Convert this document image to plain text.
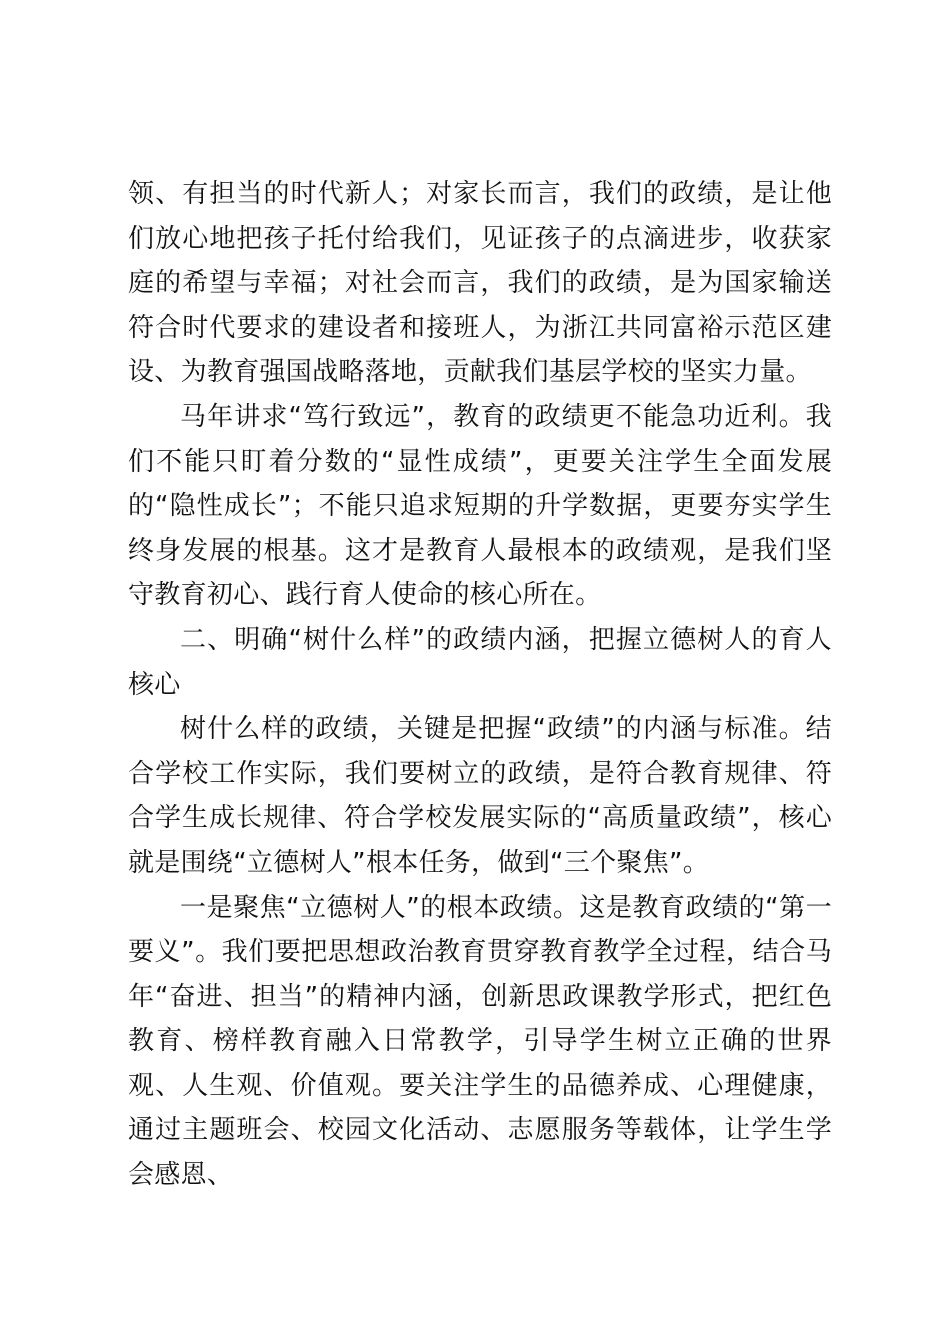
领、有担当的时代新人；对家长而言，我们的政绩，是让他们放心地把孩子托付给我们，见证孩子的点滴进步，收获家庭的希望与幸福；对社会而言，我们的政绩，是为国家输送符合时代要求的建设者和接班人，为浙江共同富裕示范区建设、为教育强国战略落地，贡献我们基层学校的坚实力量。

马年讲求“笃行致远”，教育的政绩更不能急功近利。我们不能只盯着分数的“显性成绩”，更要关注学生全面发展的“隐性成长”；不能只追求短期的升学数据，更要夯实学生终身发展的根基。这才是教育人最根本的政绩观，是我们坚守教育初心、践行育人使命的核心所在。

二、明确“树什么样”的政绩内涵，把握立德树人的育人核心

树什么样的政绩，关键是把握“政绩”的内涵与标准。结合学校工作实际，我们要树立的政绩，是符合教育规律、符合学生成长规律、符合学校发展实际的“高质量政绩”，核心就是围绕“立德树人”根本任务，做到“三个聚焦”。

一是聚焦“立德树人”的根本政绩。这是教育政绩的“第一要义”。我们要把思想政治教育贯穿教育教学全过程，结合马年“奋进、担当”的精神内涵，创新思政课教学形式，把红色教育、榜样教育融入日常教学，引导学生树立正确的世界观、人生观、价值观。要关注学生的品德养成、心理健康，通过主题班会、校园文化活动、志愿服务等载体，让学生学会感恩、
